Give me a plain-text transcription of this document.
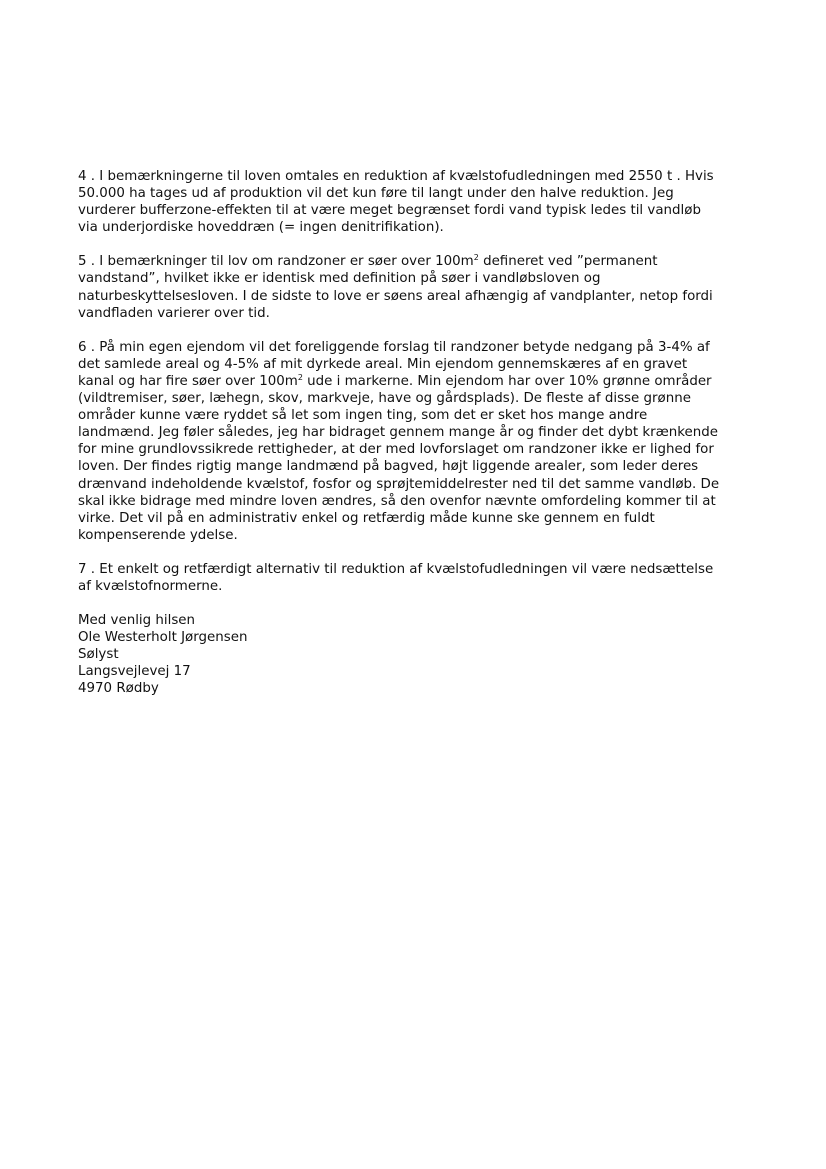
4 . I bemærkningerne til loven omtales en reduktion af kvælstofudledningen med 2550 t . Hvis
50.000 ha tages ud af produktion vil det kun føre til langt under den halve reduktion. Jeg
vurderer bufferzone-effekten til at være meget begrænset fordi vand typisk ledes til vandløb
via underjordiske hoveddræn (= ingen denitrifikation).
5 . I bemærkninger til lov om randzoner er søer over $100m^2$ defineret ved ”permanent
vandstand”, hvilket ikke er identisk med definition på søer i vandløbsloven og
naturbeskyttelsesloven. I de sidste to love er søens areal afhængig af vandplanter, netop fordi
vandfladen varierer over tid.
6 . På min egen ejendom vil det foreliggende forslag til randzoner betyde nedgang på 3-4% af
det samlede areal og 4-5% af mit dyrkede areal. Min ejendom gennemskæres af en gravet
kanal og har fire søer over $100m^2$ ude i markerne. Min ejendom har over 10% grønne områder
(vildtremiser, søer, læhegn, skov, markveje, have og gårdsplads). De fleste af disse grønne
områder kunne være ryddet så let som ingen ting, som det er sket hos mange andre
landmænd. Jeg føler således, jeg har bidraget gennem mange år og finder det dybt krænkende
for mine grundlovssikrede rettigheder, at der med lovforslaget om randzoner ikke er lighed for
loven. Der findes rigtig mange landmænd på bagved, højt liggende arealer, som leder deres
drænvand indeholdende kvælstof, fosfor og sprøjtemiddelrester ned til det samme vandløb. De
skal ikke bidrage med mindre loven ændres, så den ovenfor nævnte omfordeling kommer til at
virke. Det vil på en administrativ enkel og retfærdig måde kunne ske gennem en fuldt
kompenserende ydelse.
7 . Et enkelt og retfærdigt alternativ til reduktion af kvælstofudledningen vil være nedsættelse
af kvælstofnormerne.
Med venlig hilsen
Ole Westerholt Jørgensen
Sølyst
Langsvejlevej 17
4970 Rødby
